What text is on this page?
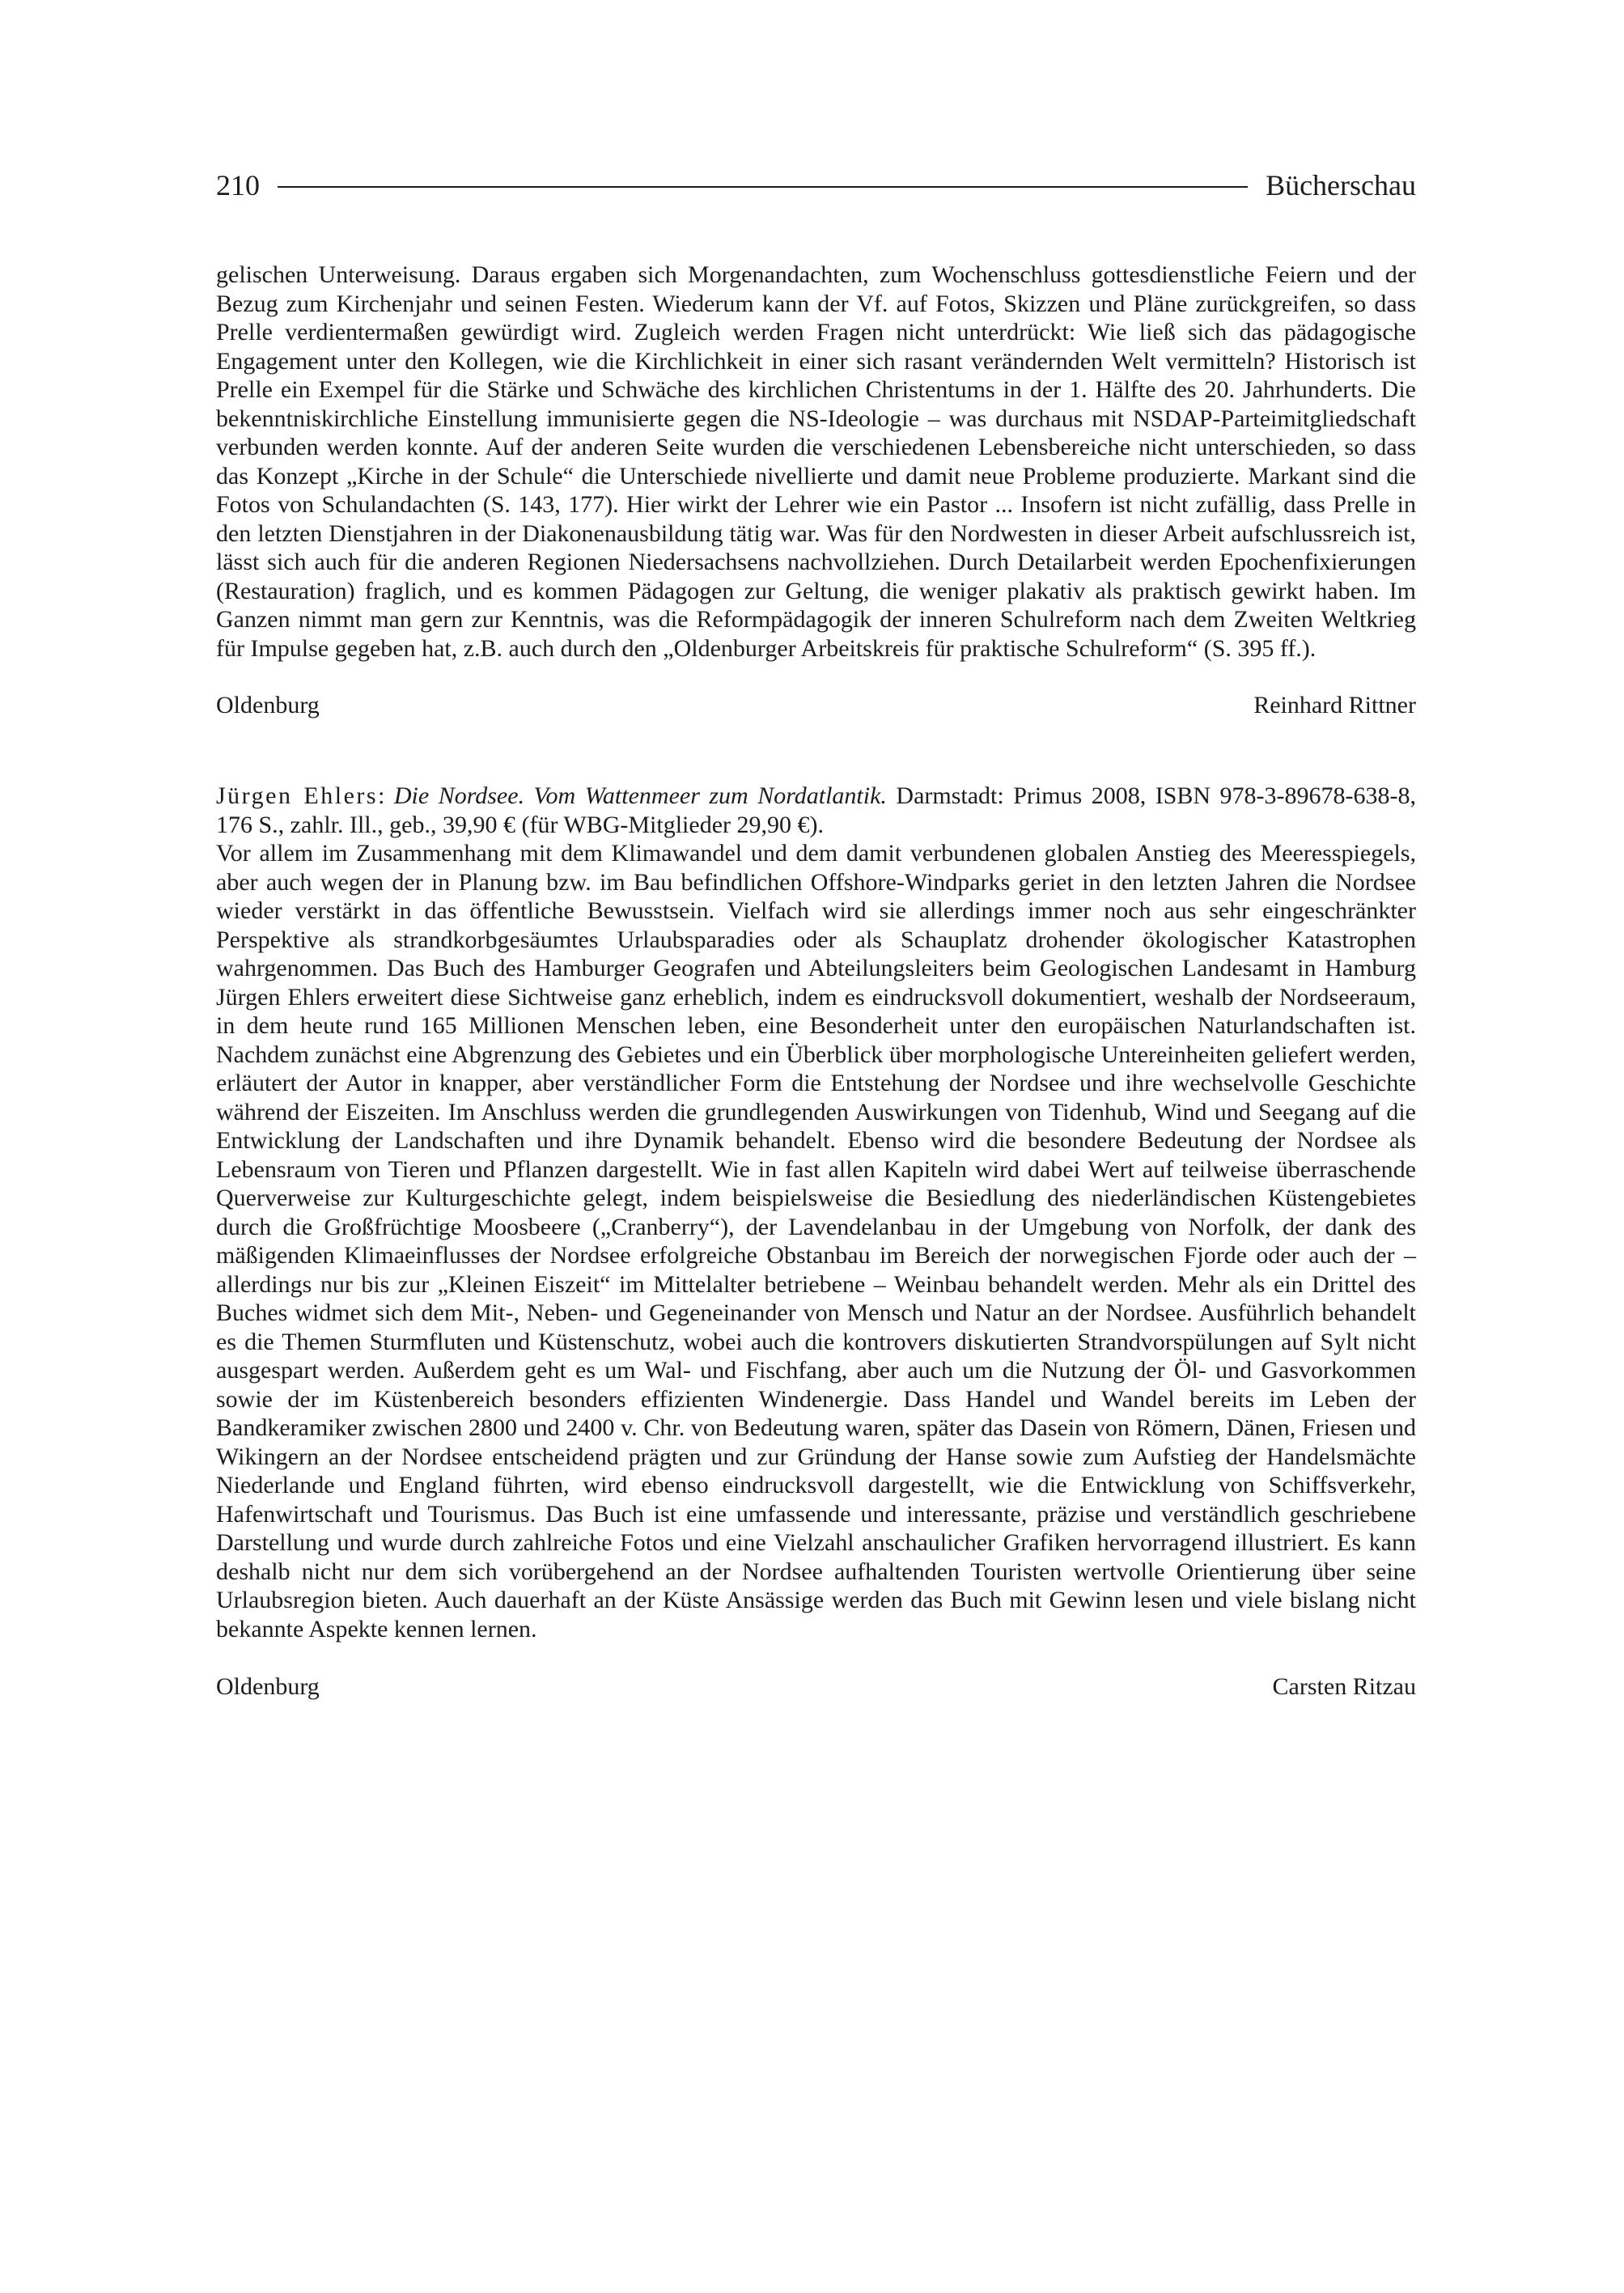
210	Bücherschau

gelischen Unterweisung. Daraus ergaben sich Morgenandachten, zum Wochenschluss gottesdienstliche Feiern und der Bezug zum Kirchenjahr und seinen Festen. Wiederum kann der Vf. auf Fotos, Skizzen und Pläne zurückgreifen, so dass Prelle verdientermaßen gewürdigt wird. Zugleich werden Fragen nicht unterdrückt: Wie ließ sich das pädagogische Engagement unter den Kollegen, wie die Kirchlichkeit in einer sich rasant verändernden Welt vermitteln? Historisch ist Prelle ein Exempel für die Stärke und Schwäche des kirchlichen Christentums in der 1. Hälfte des 20. Jahrhunderts. Die bekenntniskirchliche Einstellung immunisierte gegen die NS-Ideologie – was durchaus mit NSDAP-Parteimitgliedschaft verbunden werden konnte. Auf der anderen Seite wurden die verschiedenen Lebensbereiche nicht unterschieden, so dass das Konzept „Kirche in der Schule“ die Unterschiede nivellierte und damit neue Probleme produzierte. Markant sind die Fotos von Schulandachten (S. 143, 177). Hier wirkt der Lehrer wie ein Pastor ... Insofern ist nicht zufällig, dass Prelle in den letzten Dienstjahren in der Diakonenausbildung tätig war. Was für den Nordwesten in dieser Arbeit aufschlussreich ist, lässt sich auch für die anderen Regionen Niedersachsens nachvollziehen. Durch Detailarbeit werden Epochenfixierungen (Restauration) fraglich, und es kommen Pädagogen zur Geltung, die weniger plakativ als praktisch gewirkt haben. Im Ganzen nimmt man gern zur Kenntnis, was die Reformpädagogik der inneren Schulreform nach dem Zweiten Weltkrieg für Impulse gegeben hat, z.B. auch durch den „Oldenburger Arbeitskreis für praktische Schulreform“ (S. 395 ff.).

Oldenburg	Reinhard Rittner

Jürgen Ehlers: Die Nordsee. Vom Wattenmeer zum Nordatlantik. Darmstadt: Primus 2008, ISBN 978-3-89678-638-8, 176 S., zahlr. Ill., geb., 39,90 € (für WBG-Mitglieder 29,90 €).

Vor allem im Zusammenhang mit dem Klimawandel und dem damit verbundenen globalen Anstieg des Meeresspiegels, aber auch wegen der in Planung bzw. im Bau befindlichen Offshore-Windparks geriet in den letzten Jahren die Nordsee wieder verstärkt in das öffentliche Bewusstsein. Vielfach wird sie allerdings immer noch aus sehr eingeschränkter Perspektive als strandkorbgesäumtes Urlaubsparadies oder als Schauplatz drohender ökologischer Katastrophen wahrgenommen. Das Buch des Hamburger Geografen und Abteilungsleiters beim Geologischen Landesamt in Hamburg Jürgen Ehlers erweitert diese Sichtweise ganz erheblich, indem es eindrucksvoll dokumentiert, weshalb der Nordseeraum, in dem heute rund 165 Millionen Menschen leben, eine Besonderheit unter den europäischen Naturlandschaften ist. Nachdem zunächst eine Abgrenzung des Gebietes und ein Überblick über morphologische Untereinheiten geliefert werden, erläutert der Autor in knapper, aber verständlicher Form die Entstehung der Nordsee und ihre wechselvolle Geschichte während der Eiszeiten. Im Anschluss werden die grundlegenden Auswirkungen von Tidenhub, Wind und Seegang auf die Entwicklung der Landschaften und ihre Dynamik behandelt. Ebenso wird die besondere Bedeutung der Nordsee als Lebensraum von Tieren und Pflanzen dargestellt. Wie in fast allen Kapiteln wird dabei Wert auf teilweise überraschende Querverweise zur Kulturgeschichte gelegt, indem beispielsweise die Besiedlung des niederländischen Küstengebietes durch die Großfrüchtige Moosbeere („Cranberry“), der Lavendelanbau in der Umgebung von Norfolk, der dank des mäßigenden Klimaeinflusses der Nordsee erfolgreiche Obstanbau im Bereich der norwegischen Fjorde oder auch der – allerdings nur bis zur „Kleinen Eiszeit“ im Mittelalter betriebene – Weinbau behandelt werden. Mehr als ein Drittel des Buches widmet sich dem Mit-, Neben- und Gegeneinander von Mensch und Natur an der Nordsee. Ausführlich behandelt es die Themen Sturmfluten und Küstenschutz, wobei auch die kontrovers diskutierten Strandvorspülungen auf Sylt nicht ausgespart werden. Außerdem geht es um Wal- und Fischfang, aber auch um die Nutzung der Öl- und Gasvorkommen sowie der im Küstenbereich besonders effizienten Windenergie. Dass Handel und Wandel bereits im Leben der Bandkeramiker zwischen 2800 und 2400 v. Chr. von Bedeutung waren, später das Dasein von Römern, Dänen, Friesen und Wikingern an der Nordsee entscheidend prägten und zur Gründung der Hanse sowie zum Aufstieg der Handelsmächte Niederlande und England führten, wird ebenso eindrucksvoll dargestellt, wie die Entwicklung von Schiffsverkehr, Hafenwirtschaft und Tourismus. Das Buch ist eine umfassende und interessante, präzise und verständlich geschriebene Darstellung und wurde durch zahlreiche Fotos und eine Vielzahl anschaulicher Grafiken hervorragend illustriert. Es kann deshalb nicht nur dem sich vorübergehend an der Nordsee aufhaltenden Touristen wertvolle Orientierung über seine Urlaubsregion bieten. Auch dauerhaft an der Küste Ansässige werden das Buch mit Gewinn lesen und viele bislang nicht bekannte Aspekte kennen lernen.

Oldenburg	Carsten Ritzau
